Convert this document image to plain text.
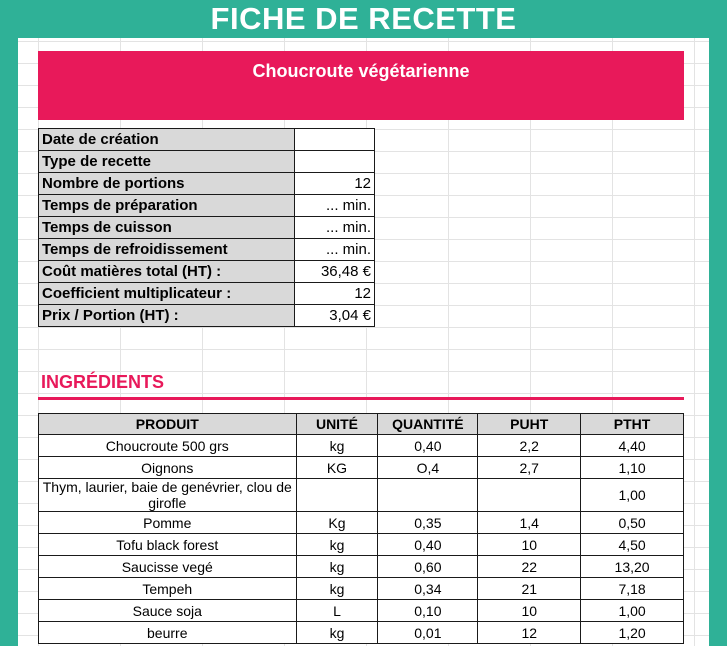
FICHE DE RECETTE
Choucroute végétarienne
Date de création	
Type de recette	
Nombre de portions	12
Temps de préparation	... min.
Temps de cuisson	... min.
Temps de refroidissement	... min.
Coût matières total (HT) :	36,48 €
Coefficient multiplicateur :	12
Prix / Portion (HT) :	3,04 €
INGRÉDIENTS
PRODUIT	UNITÉ	QUANTITÉ	PUHT	PTHT
Choucroute 500 grs	kg	0,40	2,2	4,40
Oignons	KG	O,4	2,7	1,10
Thym, laurier, baie de genévrier, clou de girofle				1,00
Pomme	Kg	0,35	1,4	0,50
Tofu black forest	kg	0,40	10	4,50
Saucisse vegé	kg	0,60	22	13,20
Tempeh	kg	0,34	21	7,18
Sauce soja	L	0,10	10	1,00
beurre	kg	0,01	12	1,20
